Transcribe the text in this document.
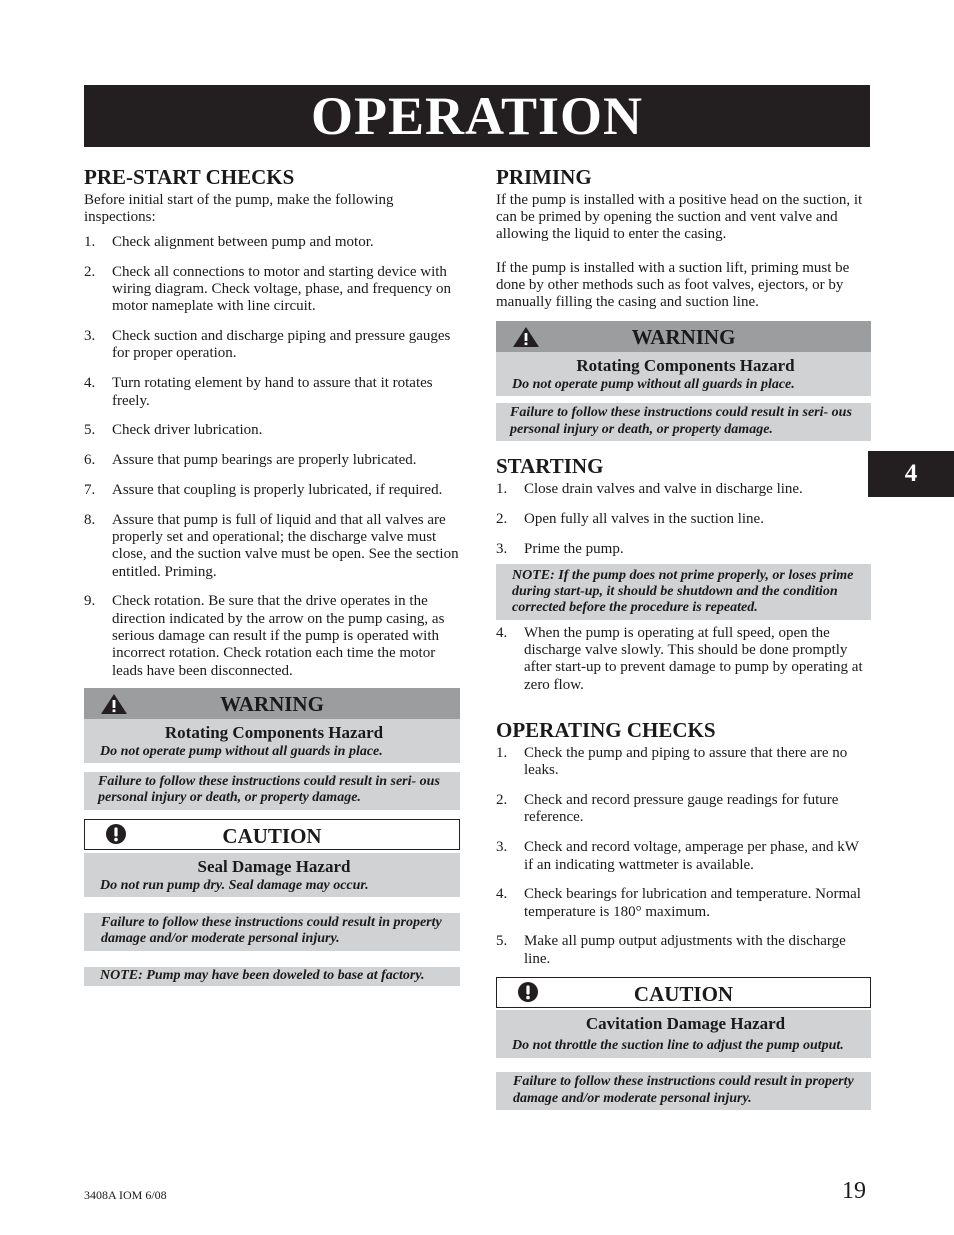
OPERATION
PRE-START CHECKS

Before initial start of the pump, make the following inspections:

1. Check alignment between pump and motor.
2. Check all connections to motor and starting device with wiring diagram. Check voltage, phase, and frequency on motor nameplate with line circuit.
3. Check suction and discharge piping and pressure gauges for proper operation.
4. Turn rotating element by hand to assure that it rotates freely.
5. Check driver lubrication.
6. Assure that pump bearings are properly lubricated.
7. Assure that coupling is properly lubricated, if required.
8. Assure that pump is full of liquid and that all valves are properly set and operational; the discharge valve must close, and the suction valve must be open. See the section entitled. Priming.
9. Check rotation. Be sure that the drive operates in the direction indicated by the arrow on the pump casing, as serious damage can result if the pump is operated with incorrect rotation. Check rotation each time the motor leads have been disconnected.
WARNING
Rotating Components Hazard
Do not operate pump without all guards in place.
Failure to follow these instructions could result in seri- ous personal injury or death, or property damage.
CAUTION
Seal Damage Hazard
Do not run pump dry. Seal damage may occur.
Failure to follow these instructions could result in property damage and/or moderate personal injury.
NOTE: Pump may have been doweled to base at factory.
PRIMING

If the pump is installed with a positive head on the suction, it can be primed by opening the suction and vent valve and allowing the liquid to enter the casing.

If the pump is installed with a suction lift, priming must be done by other methods such as foot valves, ejectors, or by manually filling the casing and suction line.

WARNING
Rotating Components Hazard
Do not operate pump without all guards in place.
Failure to follow these instructions could result in seri- ous personal injury or death, or property damage.
STARTING
1. Close drain valves and valve in discharge line.
2. Open fully all valves in the suction line.
3. Prime the pump.
NOTE: If the pump does not prime properly, or loses prime during start-up, it should be shutdown and the condition corrected before the procedure is repeated.
4. When the pump is operating at full speed, open the discharge valve slowly. This should be done promptly after start-up to prevent damage to pump by operating at zero flow.
OPERATING CHECKS
1. Check the pump and piping to assure that there are no leaks.
2. Check and record pressure gauge readings for future reference.
3. Check and record voltage, amperage per phase, and kW if an indicating wattmeter is available.
4. Check bearings for lubrication and temperature. Normal temperature is 180° maximum.
5. Make all pump output adjustments with the discharge line.
CAUTION
Cavitation Damage Hazard
Do not throttle the suction line to adjust the pump output.
Failure to follow these instructions could result in property damage and/or moderate personal injury.
4
3408A IOM 6/08	19
